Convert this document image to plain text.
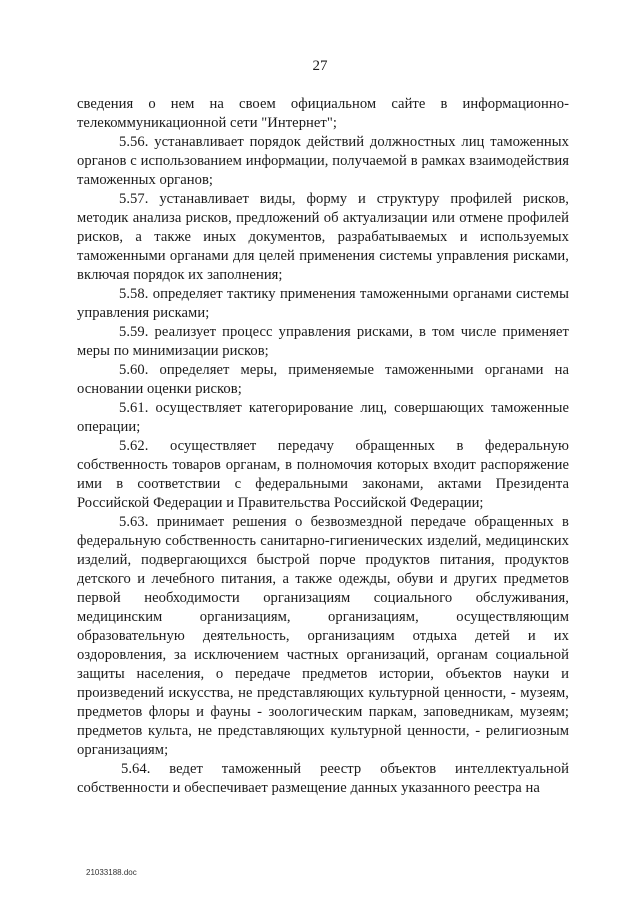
27

сведения о нем на своем официальном сайте в информационно-телекоммуникационной сети "Интернет";

5.56. устанавливает порядок действий должностных лиц таможенных органов с использованием информации, получаемой в рамках взаимодействия таможенных органов;

5.57. устанавливает виды, форму и структуру профилей рисков, методик анализа рисков, предложений об актуализации или отмене профилей рисков, а также иных документов, разрабатываемых и используемых таможенными органами для целей применения системы управления рисками, включая порядок их заполнения;

5.58. определяет тактику применения таможенными органами системы управления рисками;

5.59. реализует процесс управления рисками, в том числе применяет меры по минимизации рисков;

5.60. определяет меры, применяемые таможенными органами на основании оценки рисков;

5.61. осуществляет категорирование лиц, совершающих таможенные операции;

5.62. осуществляет передачу обращенных в федеральную собственность товаров органам, в полномочия которых входит распоряжение ими в соответствии с федеральными законами, актами Президента Российской Федерации и Правительства Российской Федерации;

5.63. принимает решения о безвозмездной передаче обращенных в федеральную собственность санитарно-гигиенических изделий, медицинских изделий, подвергающихся быстрой порче продуктов питания, продуктов детского и лечебного питания, а также одежды, обуви и других предметов первой необходимости организациям социального обслуживания, медицинским организациям, организациям, осуществляющим образовательную деятельность, организациям отдыха детей и их оздоровления, за исключением частных организаций, органам социальной защиты населения, о передаче предметов истории, объектов науки и произведений искусства, не представляющих культурной ценности, - музеям, предметов флоры и фауны - зоологическим паркам, заповедникам, музеям; предметов культа, не представляющих культурной ценности, - религиозным организациям;

5.64. ведет таможенный реестр объектов интеллектуальной собственности и обеспечивает размещение данных указанного реестра на

21033188.doc
